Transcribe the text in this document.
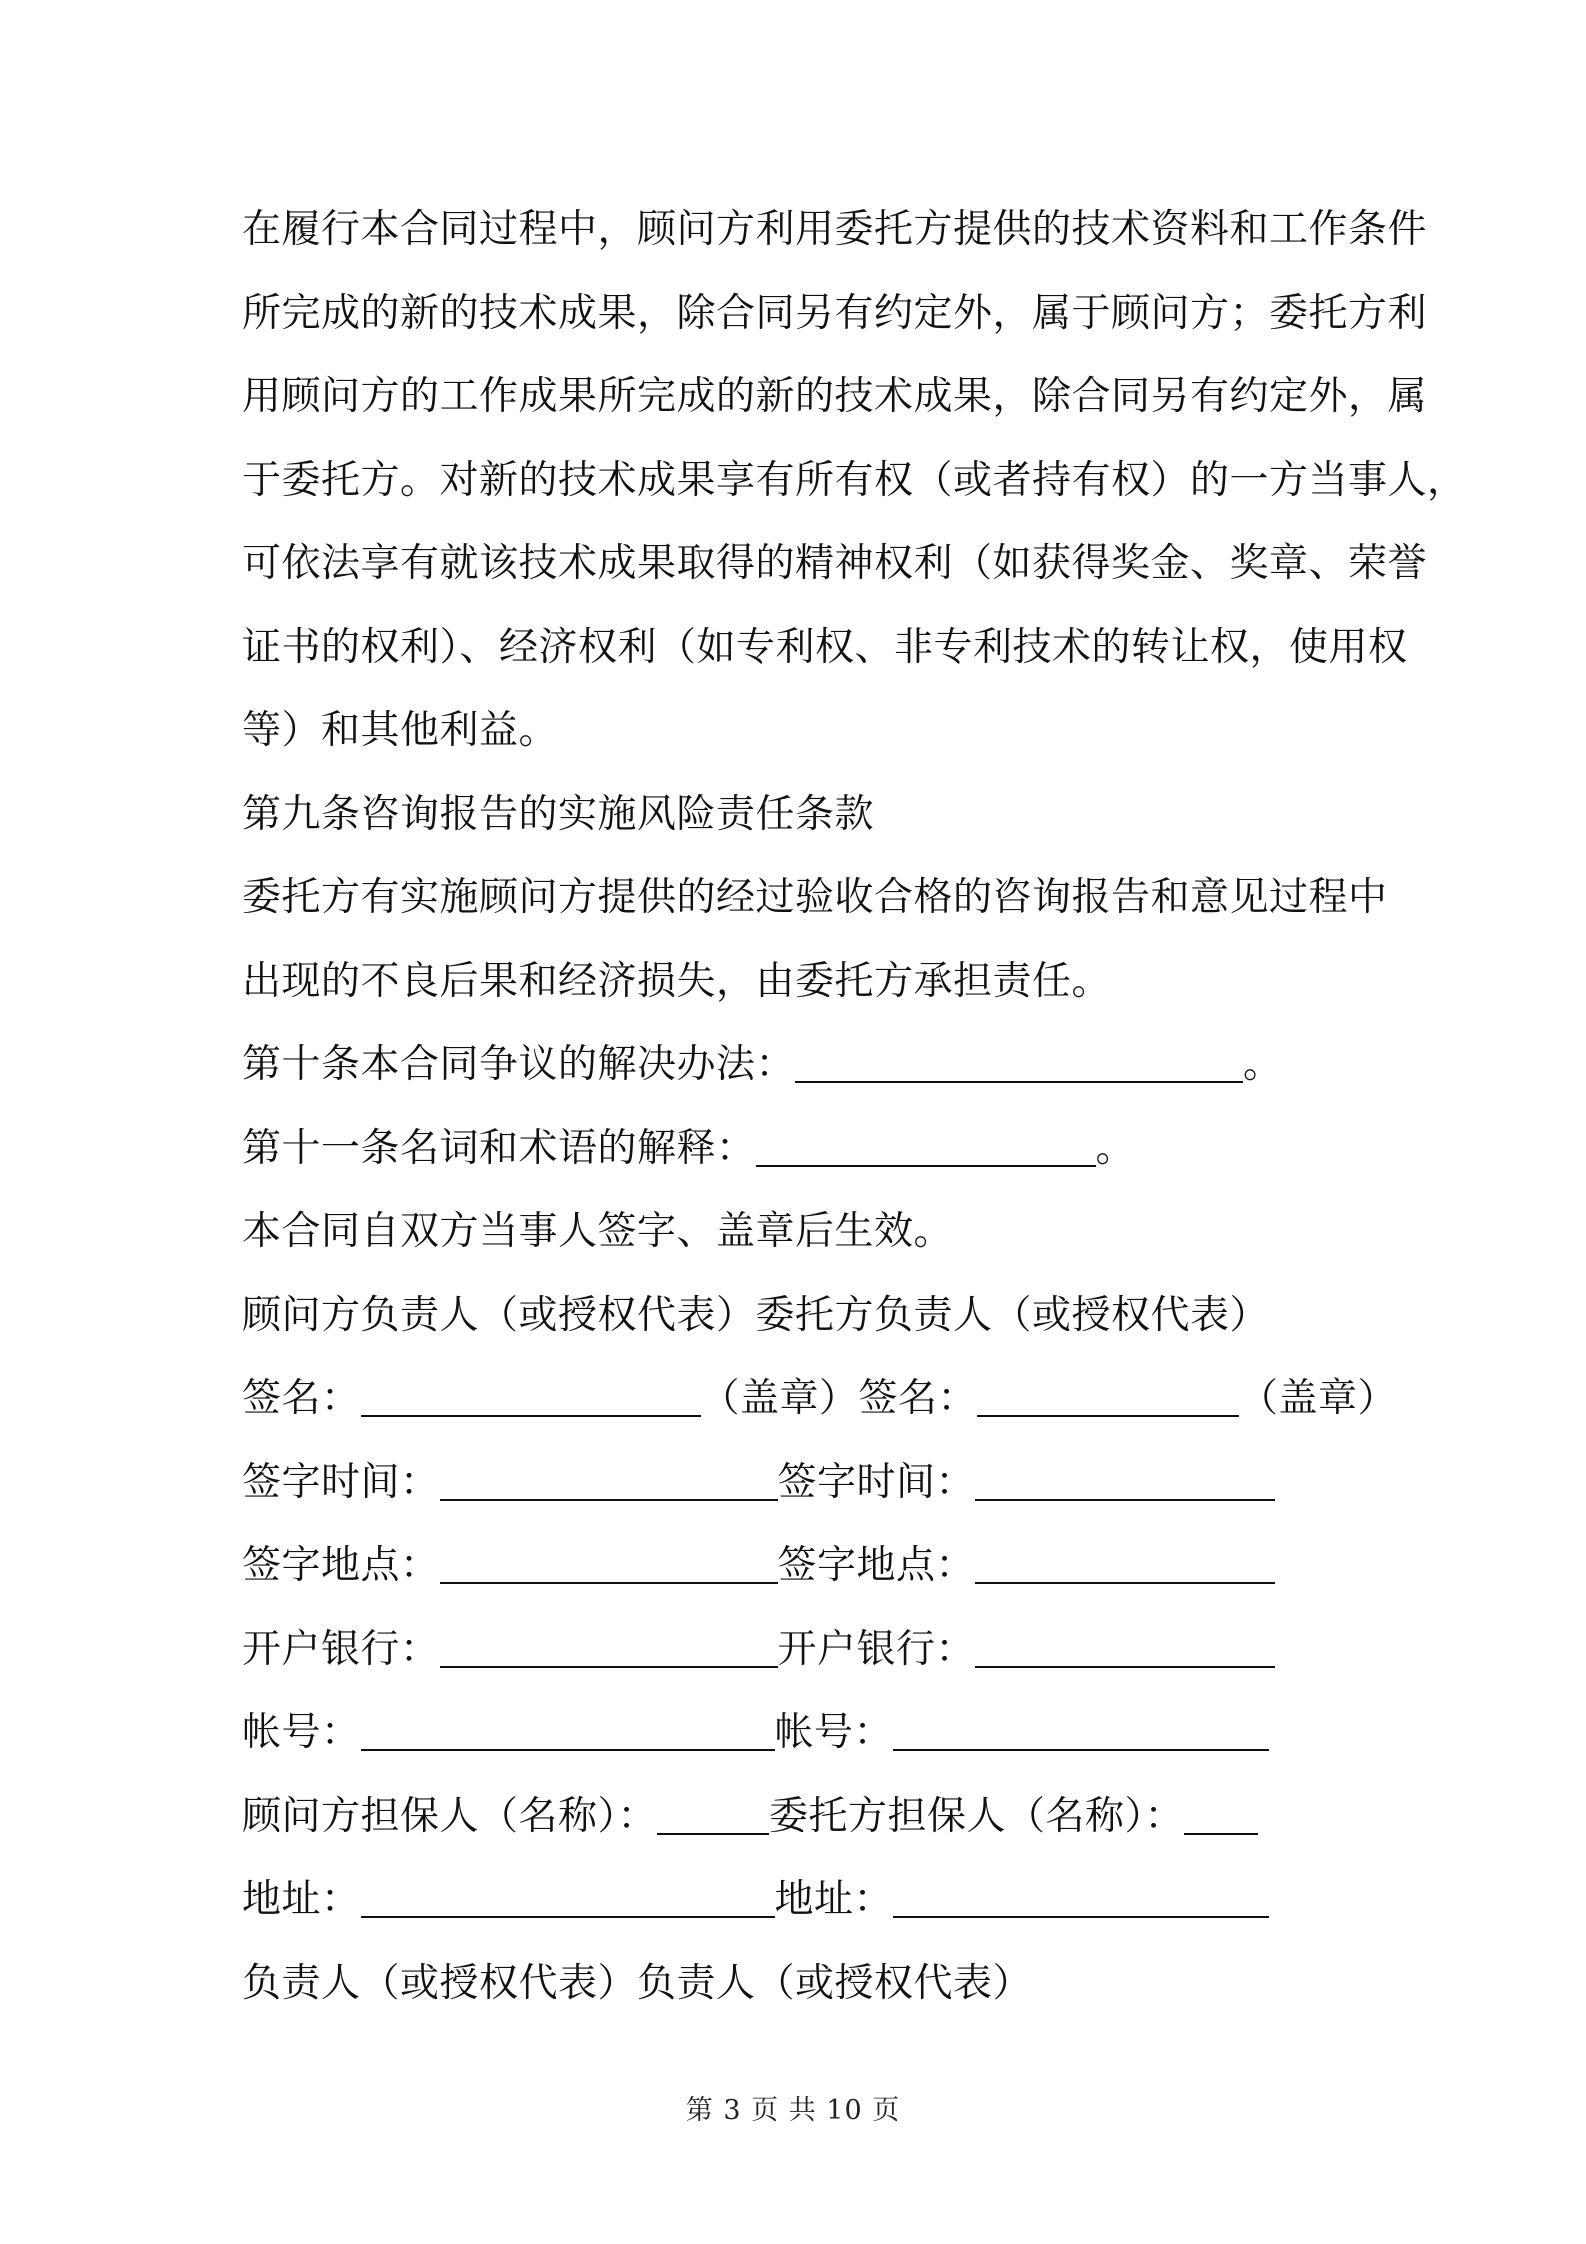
在履行本合同过程中，顾问方利用委托方提供的技术资料和工作条件
所完成的新的技术成果，除合同另有约定外，属于顾问方；委托方利
用顾问方的工作成果所完成的新的技术成果，除合同另有约定外，属
于委托方。对新的技术成果享有所有权（或者持有权）的一方当事人，
可依法享有就该技术成果取得的精神权利（如获得奖金、奖章、荣誉
证书的权利）、经济权利（如专利权、非专利技术的转让权，使用权
等）和其他利益。
第九条咨询报告的实施风险责任条款
委托方有实施顾问方提供的经过验收合格的咨询报告和意见过程中
出现的不良后果和经济损失，由委托方承担责任。
第十条本合同争议的解决办法：	。
第十一条名词和术语的解释：	。
本合同自双方当事人签字、盖章后生效。
顾问方负责人（或授权代表）委托方负责人（或授权代表）
签名：	（盖章）签名：	（盖章）
签字时间：	签字时间：
签字地点：	签字地点：
开户银行：	开户银行：
帐号：	帐号：
顾问方担保人（名称）：	委托方担保人（名称）：
地址：	地址：
负责人（或授权代表）负责人（或授权代表）
第 3 页 共 10 页
